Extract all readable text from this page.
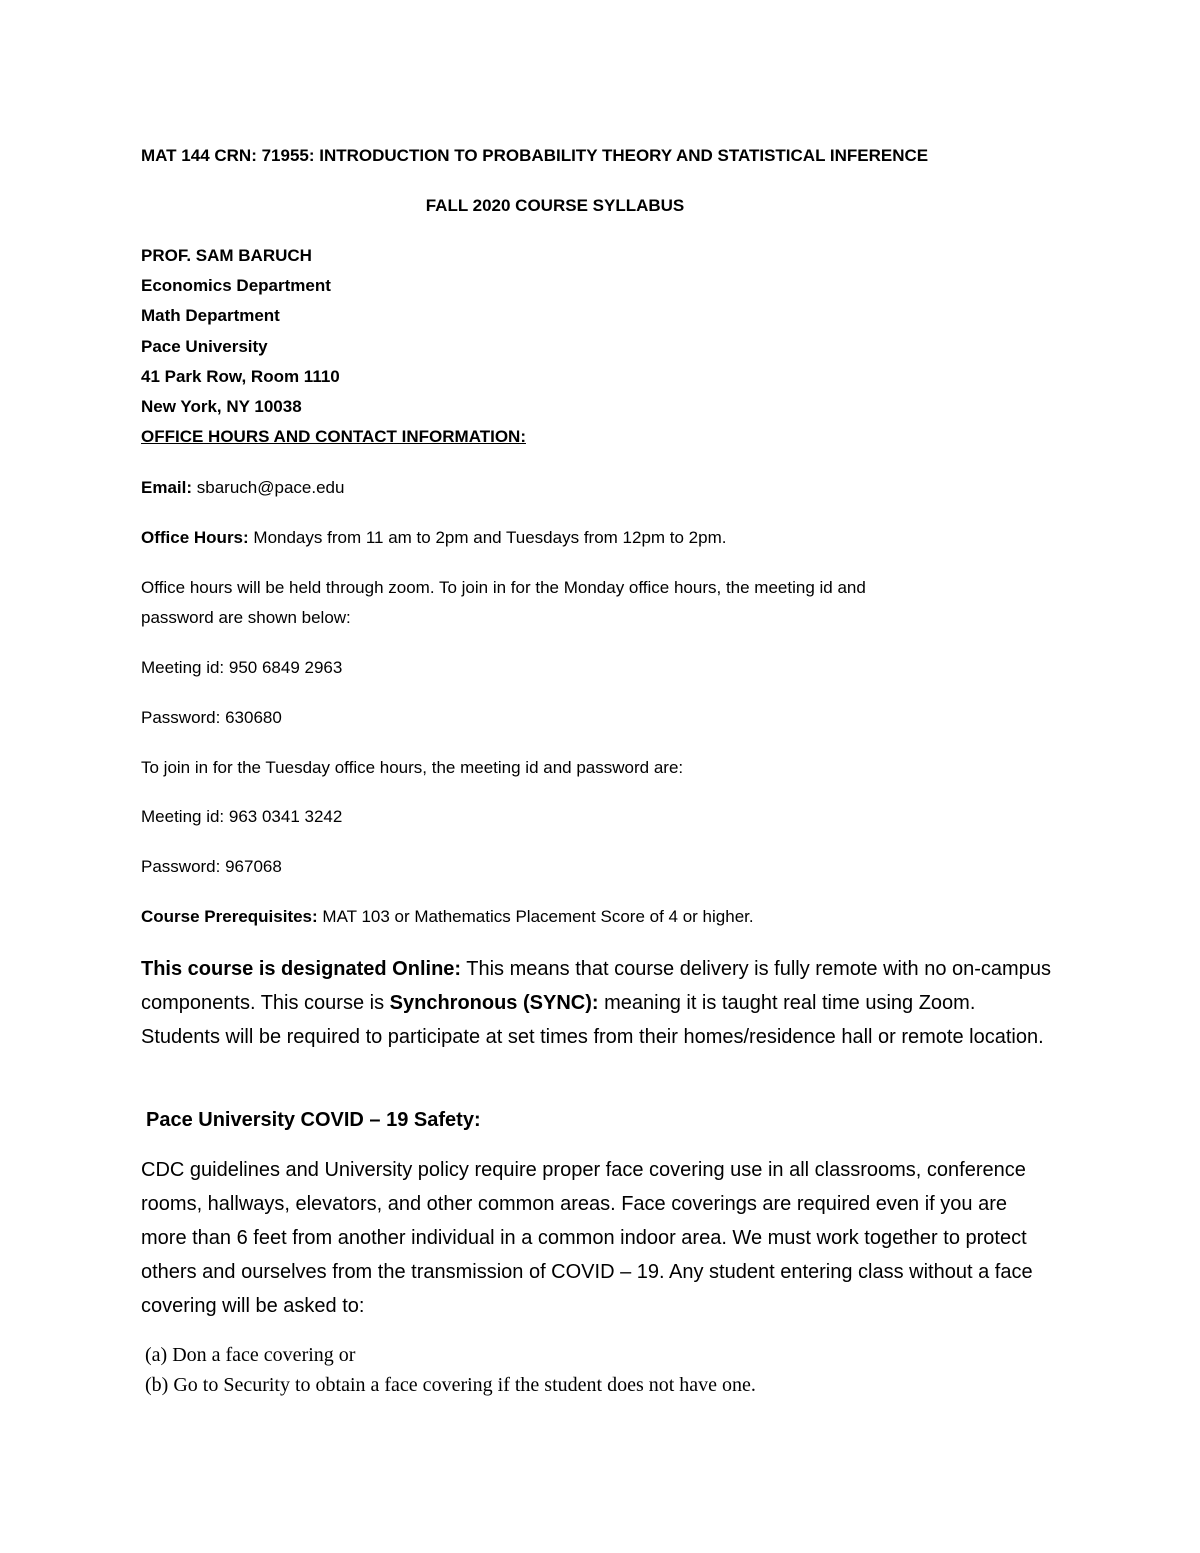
MAT 144 CRN: 71955: INTRODUCTION TO PROBABILITY THEORY AND STATISTICAL INFERENCE
FALL 2020 COURSE SYLLABUS
PROF. SAM BARUCH
Economics Department
Math Department
Pace University
41 Park Row, Room 1110
New York, NY 10038
OFFICE HOURS AND CONTACT INFORMATION:
Email: sbaruch@pace.edu
Office Hours: Mondays from 11 am to 2pm and Tuesdays from 12pm to 2pm.
Office hours will be held through zoom. To join in for the Monday office hours, the meeting id and
password are shown below:
Meeting id: 950 6849 2963
Password: 630680
To join in for the Tuesday office hours, the meeting id and password are:
Meeting id: 963 0341 3242
Password: 967068
Course Prerequisites: MAT 103 or Mathematics Placement Score of 4 or higher.
This course is designated Online: This means that course delivery is fully remote with no on-campus components. This course is Synchronous (SYNC): meaning it is taught real time using Zoom. Students will be required to participate at set times from their homes/residence hall or remote location.
Pace University COVID – 19 Safety:
CDC guidelines and University policy require proper face covering use in all classrooms, conference rooms, hallways, elevators, and other common areas. Face coverings are required even if you are more than 6 feet from another individual in a common indoor area. We must work together to protect others and ourselves from the transmission of COVID – 19. Any student entering class without a face covering will be asked to:
(a) Don a face covering or
(b) Go to Security to obtain a face covering if the student does not have one.
